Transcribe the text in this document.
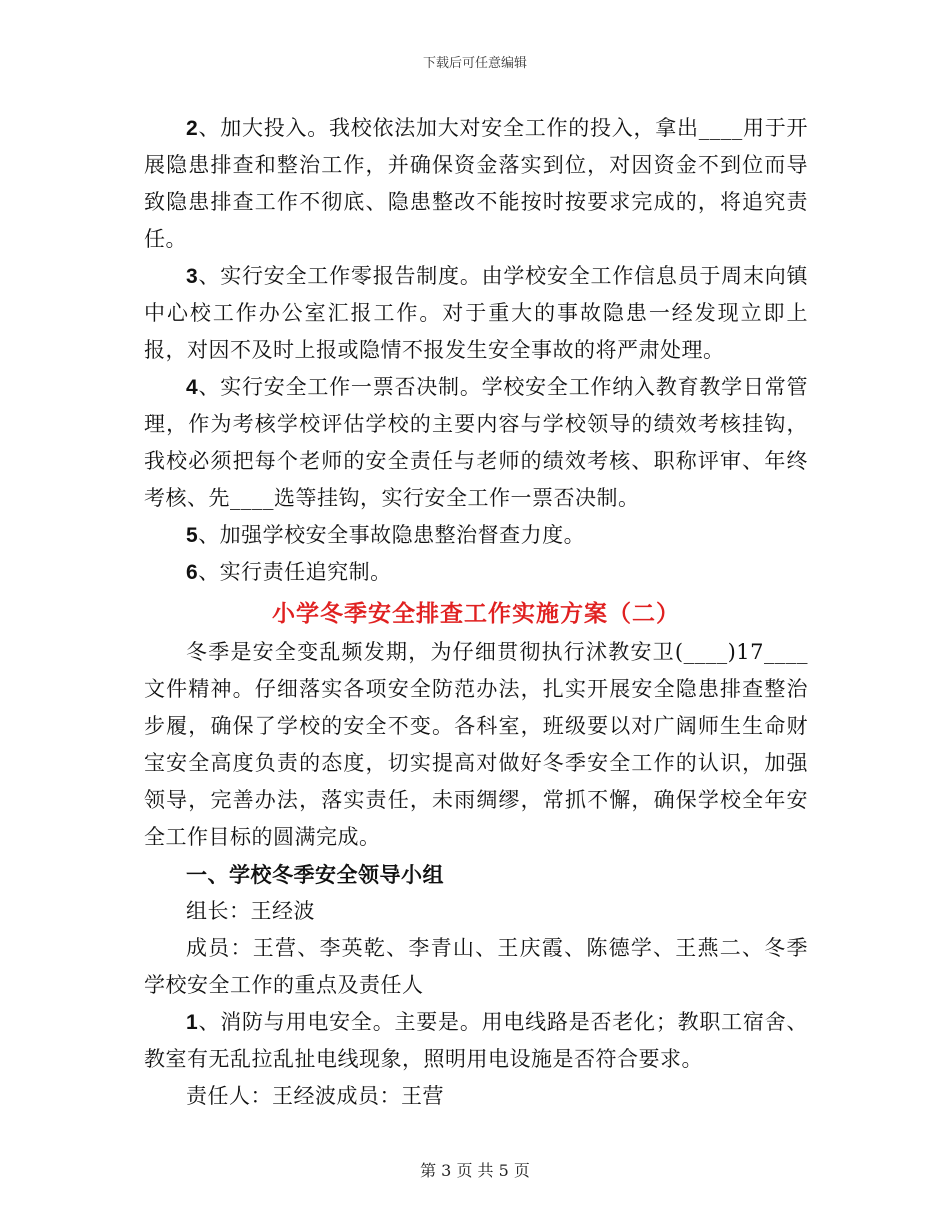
下载后可任意编辑

2、加大投入。我校依法加大对安全工作的投入，拿出____用于开展隐患排查和整治工作，并确保资金落实到位，对因资金不到位而导致隐患排查工作不彻底、隐患整改不能按时按要求完成的，将追究责任。

3、实行安全工作零报告制度。由学校安全工作信息员于周末向镇中心校工作办公室汇报工作。对于重大的事故隐患一经发现立即上报，对因不及时上报或隐情不报发生安全事故的将严肃处理。

4、实行安全工作一票否决制。学校安全工作纳入教育教学日常管理，作为考核学校评估学校的主要内容与学校领导的绩效考核挂钩，我校必须把每个老师的安全责任与老师的绩效考核、职称评审、年终考核、先____选等挂钩，实行安全工作一票否决制。

5、加强学校安全事故隐患整治督查力度。

6、实行责任追究制。

小学冬季安全排查工作实施方案（二）

冬季是安全变乱频发期，为仔细贯彻执行沭教安卫(____)17____文件精神。仔细落实各项安全防范办法，扎实开展安全隐患排查整治步履，确保了学校的安全不变。各科室，班级要以对广阔师生生命财宝安全高度负责的态度，切实提高对做好冬季安全工作的认识，加强领导，完善办法，落实责任，未雨绸缪，常抓不懈，确保学校全年安全工作目标的圆满完成。

一、学校冬季安全领导小组

组长：王经波

成员：王营、李英乾、李青山、王庆霞、陈德学、王燕二、冬季学校安全工作的重点及责任人

1、消防与用电安全。主要是。用电线路是否老化；教职工宿舍、教室有无乱拉乱扯电线现象，照明用电设施是否符合要求。

责任人：王经波成员：王营

第 3 页 共 5 页
